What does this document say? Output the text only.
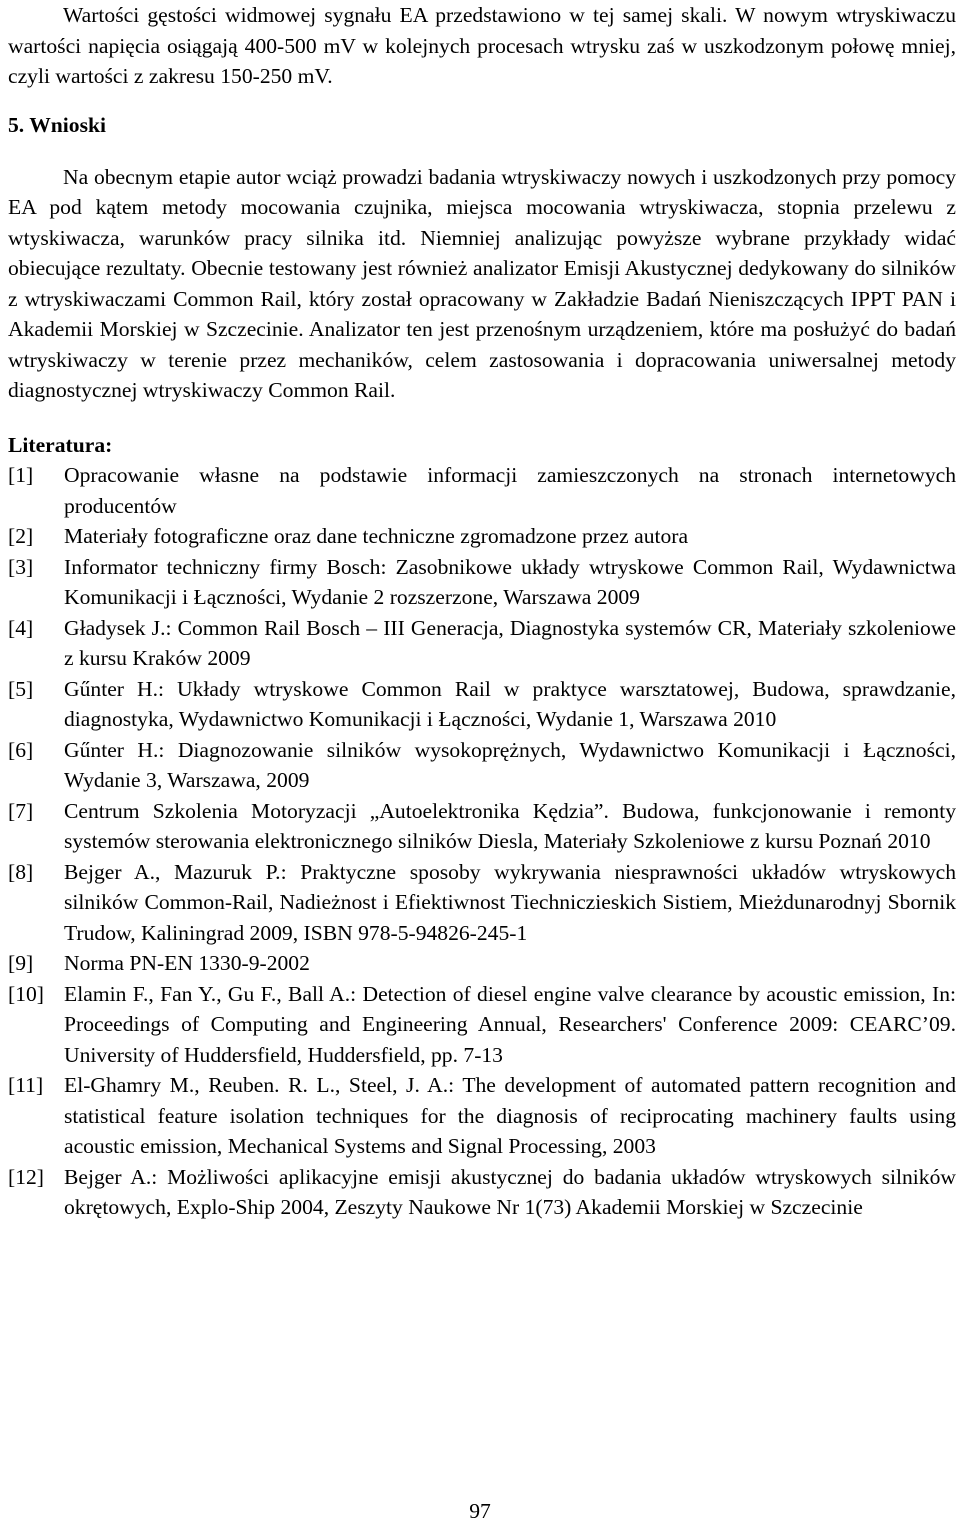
Wartości gęstości widmowej sygnału EA przedstawiono w tej samej skali. W nowym wtryskiwaczu wartości napięcia osiągają 400-500 mV w kolejnych procesach wtrysku zaś w uszkodzonym połowę mniej, czyli wartości z zakresu 150-250 mV.

5. Wnioski

Na obecnym etapie autor wciąż prowadzi badania wtryskiwaczy nowych i uszkodzonych przy pomocy EA pod kątem metody mocowania czujnika, miejsca mocowania wtryskiwacza, stopnia przelewu z wtyskiwacza, warunków pracy silnika itd. Niemniej analizując powyższe wybrane przykłady widać obiecujące rezultaty. Obecnie testowany jest również analizator Emisji Akustycznej dedykowany do silników z wtryskiwaczami Common Rail, który został opracowany w Zakładzie Badań Nieniszczących IPPT PAN i Akademii Morskiej w Szczecinie. Analizator ten jest przenośnym urządzeniem, które ma posłużyć do badań wtryskiwaczy w terenie przez mechaników, celem zastosowania i dopracowania uniwersalnej metody diagnostycznej wtryskiwaczy Common Rail.

Literatura:
[1] Opracowanie własne na podstawie informacji zamieszczonych na stronach internetowych producentów
[2] Materiały fotograficzne oraz dane techniczne zgromadzone przez autora
[3] Informator techniczny firmy Bosch: Zasobnikowe układy wtryskowe Common Rail, Wydawnictwa Komunikacji i Łączności, Wydanie 2 rozszerzone, Warszawa 2009
[4] Gładysek J.: Common Rail Bosch – III Generacja, Diagnostyka systemów CR, Materiały szkoleniowe z kursu Kraków 2009
[5] Gűnter H.: Układy wtryskowe Common Rail w praktyce warsztatowej, Budowa, sprawdzanie, diagnostyka, Wydawnictwo Komunikacji i Łączności, Wydanie 1, Warszawa 2010
[6] Gűnter H.: Diagnozowanie silników wysokoprężnych, Wydawnictwo Komunikacji i Łączności, Wydanie 3, Warszawa, 2009
[7] Centrum Szkolenia Motoryzacji „Autoelektronika Kędzia”. Budowa, funkcjonowanie i remonty systemów sterowania elektronicznego silników Diesla, Materiały Szkoleniowe z kursu Poznań 2010
[8] Bejger A., Mazuruk P.: Praktyczne sposoby wykrywania niesprawności układów wtryskowych silników Common-Rail, Nadieżnost i Efiektiwnost Tiechniczieskich Sistiem, Mieżdunarodnyj Sbornik Trudow, Kaliningrad 2009, ISBN 978-5-94826-245-1
[9] Norma PN-EN 1330-9-2002
[10] Elamin F., Fan Y., Gu F., Ball A.: Detection of diesel engine valve clearance by acoustic emission, In: Proceedings of Computing and Engineering Annual, Researchers' Conference 2009: CEARC’09. University of Huddersfield, Huddersfield, pp. 7-13
[11] El-Ghamry M., Reuben. R. L., Steel, J. A.: The development of automated pattern recognition and statistical feature isolation techniques for the diagnosis of reciprocating machinery faults using acoustic emission, Mechanical Systems and Signal Processing, 2003
[12] Bejger A.: Możliwości aplikacyjne emisji akustycznej do badania układów wtryskowych silników okrętowych, Explo-Ship 2004, Zeszyty Naukowe Nr 1(73) Akademii Morskiej w Szczecinie
97
